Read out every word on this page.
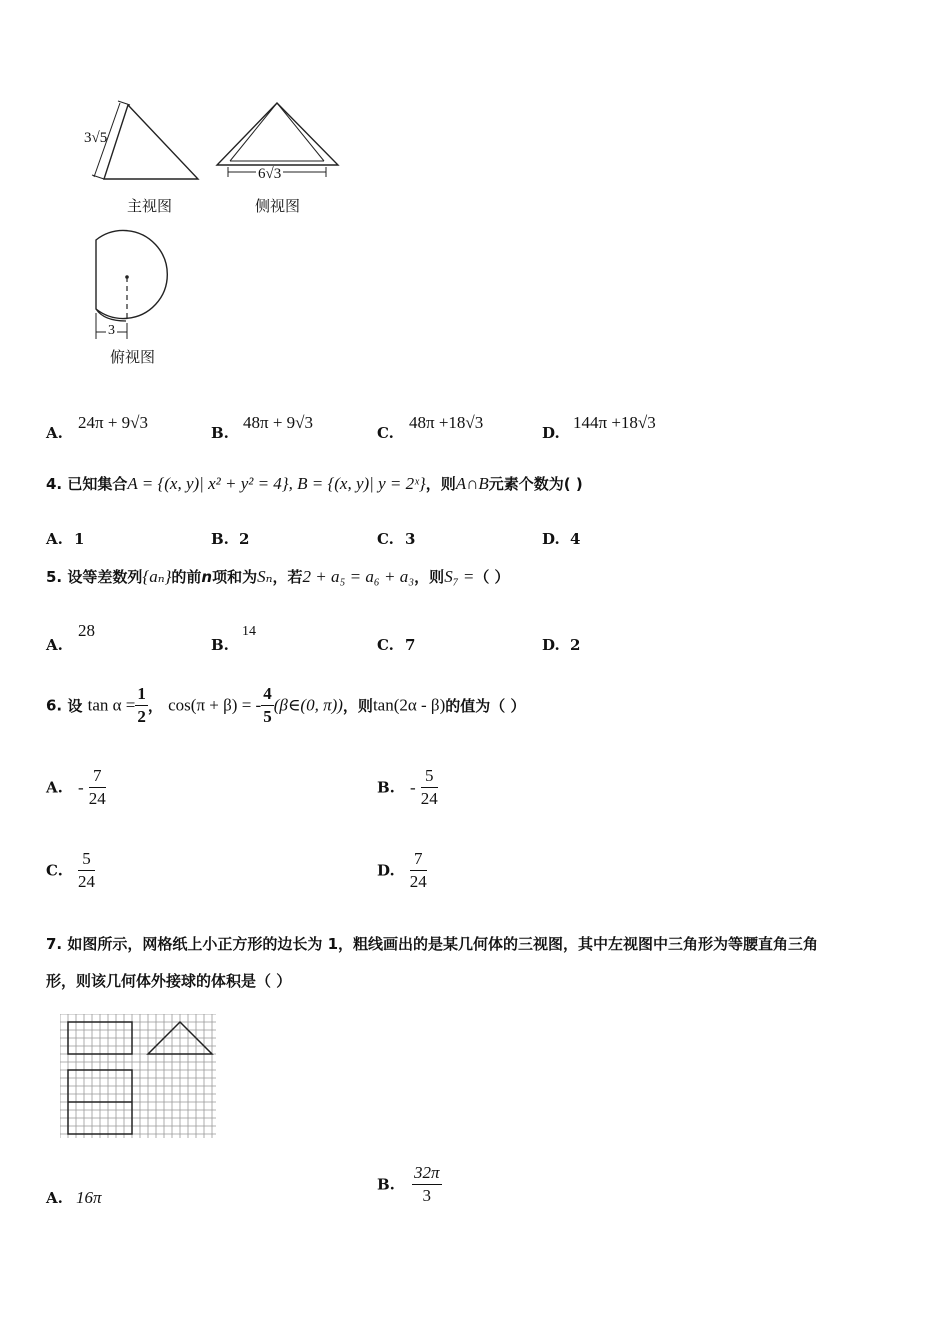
3√5
6√3
3
主视图	侧视图
俯视图
A.
24π + 9√3
B.
48π + 9√3
C.
48π +18√3
D.
144π +18√3
4. 已知集合A = {(x, y)| x² + y² = 4}, B = {(x, y)| y = 2ˣ}，则A∩B元素个数为( )
A. 1	B. 2	C. 3	D. 4
5. 设等差数列{aₙ}的前n项和为Sₙ，若2 + a₅ = a₆ + a₃，则S₇ =（ ）
A.
28
B.
14
C. 7	D. 2
6. 设 $\tan \alpha = \frac{1}{2}$ ， cos(π + β) = - $\frac{4}{5}$ (β∈(0, π))，则tan(2α - β)的值为（ ）
A. - $\frac{7}{24}$	B. - $\frac{5}{24}$
C. $\frac{5}{24}$	D. $\frac{7}{24}$
7. 如图所示，网格纸上小正方形的边长为 1，粗线画出的是某几何体的三视图，其中左视图中三角形为等腰直角三角
形，则该几何体外接球的体积是（ ）
A. 16π
B. $\frac{32\pi}{3}$
